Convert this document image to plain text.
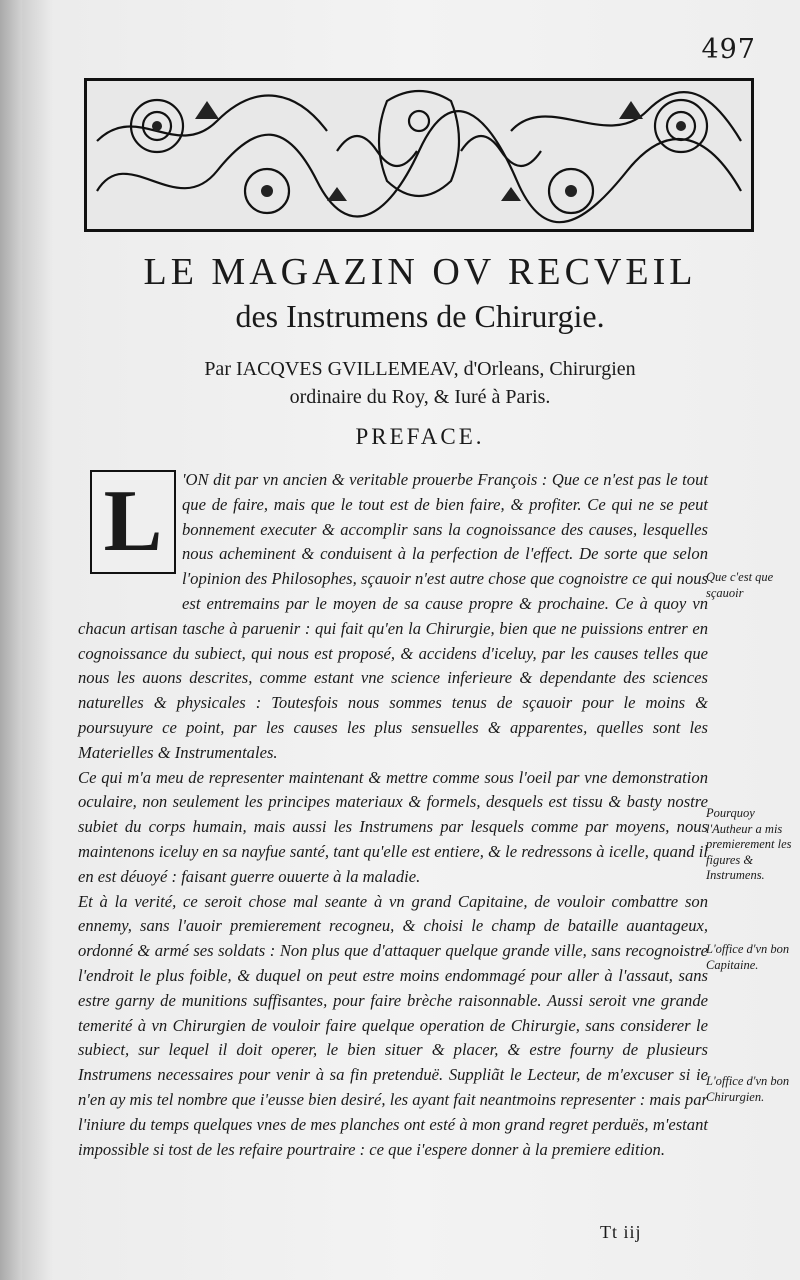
497
LE MAGAZIN OV RECVEIL
des Instrumens de Chirurgie.
Par IACQVES GVILLEMEAV, d'Orleans, Chirurgien
ordinaire du Roy, & Iuré à Paris.
PREFACE.
L	'ON dit par vn ancien & veritable prouerbe François : Que ce n'est pas le tout que de faire, mais que le tout est de bien faire, & profiter. Ce qui ne se peut bonnement executer & accomplir sans la cognoissance des causes, lesquelles nous acheminent & conduisent à la perfection de l'effect. De sorte que selon l'opinion des Philosophes, sçauoir n'est autre chose que cognoistre ce qui nous est entremains par le moyen de sa cause propre & prochaine. Ce à quoy vn chacun artisan tasche à paruenir : qui fait qu'en la Chirurgie, bien que ne puissions entrer en cognoissance du subiect, qui nous est proposé, & accidens d'iceluy, par les causes telles que nous les auons descrites, comme estant vne science inferieure & dependante des sciences naturelles & physicales : Toutesfois nous sommes tenus de sçauoir pour le moins & poursuyure ce point, par les causes les plus sensuelles & apparentes, quelles sont les Materielles & Instrumentales.

Ce qui m'a meu de representer maintenant & mettre comme sous l'oeil par vne demonstration oculaire, non seulement les principes materiaux & formels, desquels est tissu & basty nostre subiet du corps humain, mais aussi les Instrumens par lesquels comme par moyens, nous maintenons iceluy en sa nayfue santé, tant qu'elle est entiere, & le redressons à icelle, quand il en est déuoyé : faisant guerre ouuerte à la maladie.

Et à la verité, ce seroit chose mal seante à vn grand Capitaine, de vouloir combattre son ennemy, sans l'auoir premierement recogneu, & choisi le champ de bataille auantageux, ordonné & armé ses soldats : Non plus que d'attaquer quelque grande ville, sans recognoistre l'endroit le plus foible, & duquel on peut estre moins endommagé pour aller à l'assaut, sans estre garny de munitions suffisantes, pour faire brèche raisonnable. Aussi seroit vne grande temerité à vn Chirurgien de vouloir faire quelque operation de Chirurgie, sans considerer le subiect, sur lequel il doit operer, le bien situer & placer, & estre fourny de plusieurs Instrumens necessaires pour venir à sa fin pretenduë. Suppliãt le Lecteur, de m'excuser si ie n'en ay mis tel nombre que i'eusse bien desiré, les ayant fait neantmoins representer : mais par l'iniure du temps quelques vnes de mes planches ont esté à mon grand regret perduës, m'estant impossible si tost de les refaire pourtraire : ce que i'espere donner à la premiere edition.

Que c'est que sçauoir
Pourquoy l'Autheur a mis premierement les figures & Instrumens.
L'office d'vn bon Capitaine.
L'office d'vn bon Chirurgien.
Tt iij
